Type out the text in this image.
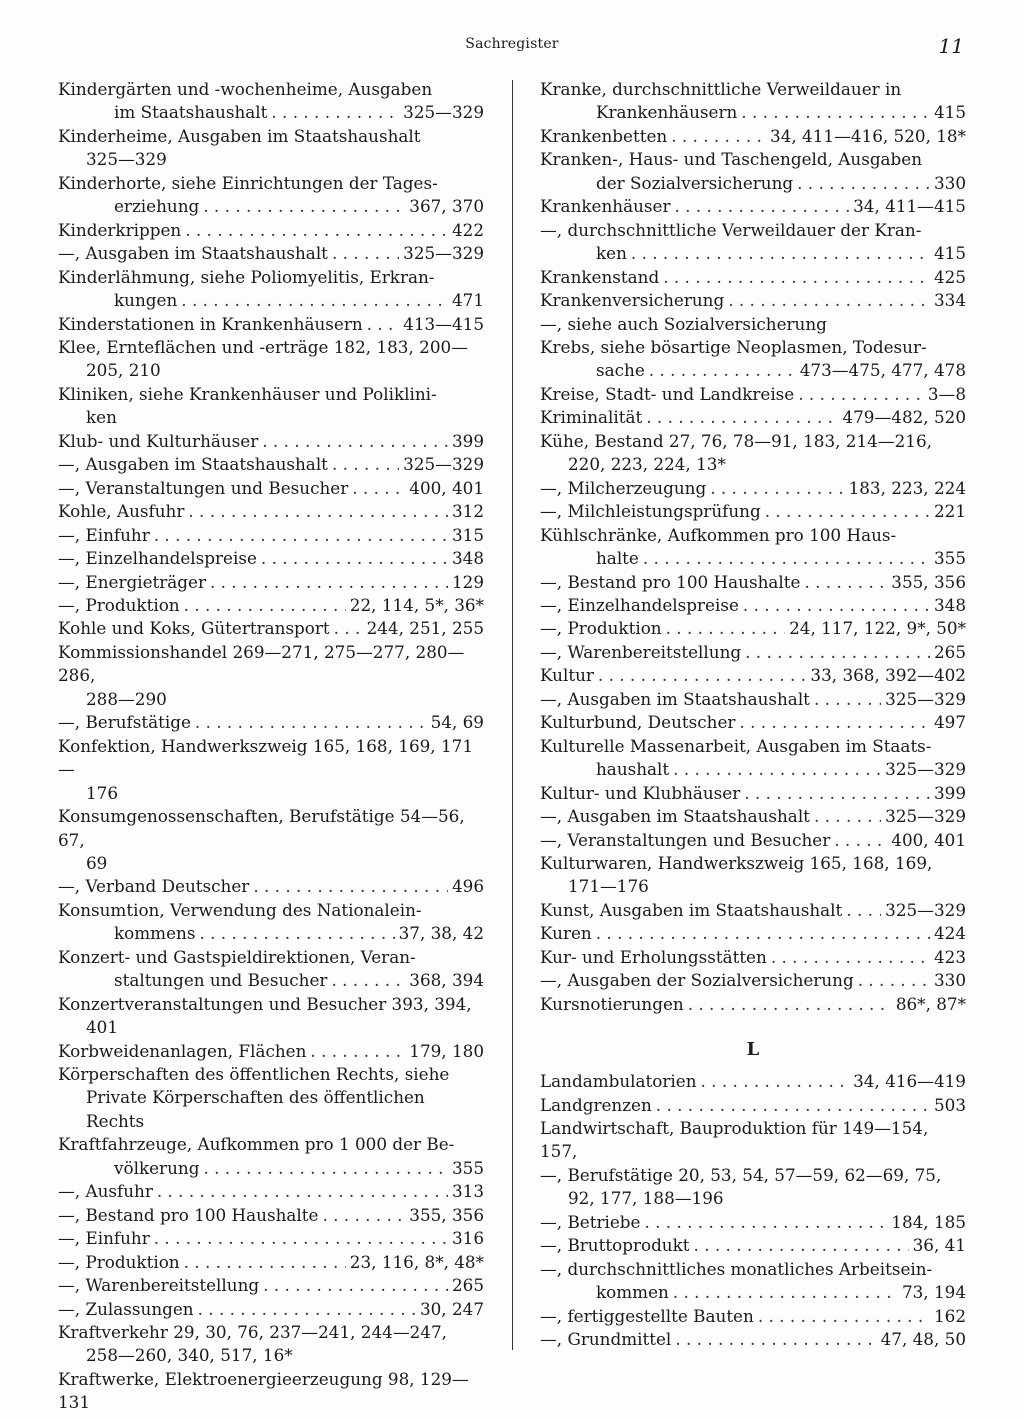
Sachregister	11
Kindergärten und -wochenheime, Ausgaben
im Staatshaushalt . . .	325—329
Kinderheime, Ausgaben im Staatshaushalt
325—329
Kinderhorte, siehe Einrichtungen der Tages-
erziehung . . .	367, 370
Kinderkrippen . . .	422
—, Ausgaben im Staatshaushalt . . .	325—329
Kinderlähmung, siehe Poliomyelitis, Erkran-
kungen . . .	471
Kinderstationen in Krankenhäusern . . . 413—415
Klee, Ernteflächen und -erträge 182, 183, 200—
205, 210
Kliniken, siehe Krankenhäuser und Poliklini-
ken
Klub- und Kulturhäuser . . .	399
—, Ausgaben im Staatshaushalt . . .	325—329
—, Veranstaltungen und Besucher . . .	400, 401
Kohle, Ausfuhr . . .	312
—, Einfuhr . . .	315
—, Einzelhandelspreise . . .	348
—, Energieträger . . .	129
—, Produktion . . .	22, 114, 5*, 36*
Kohle und Koks, Gütertransport . . . 244, 251, 255
Kommissionshandel 269—271, 275—277, 280—286,
288—290
—, Berufstätige . . .	54, 69
Konfektion, Handwerkszweig 165, 168, 169, 171—
176
Konsumgenossenschaften, Berufstätige 54—56, 67,
69
—, Verband Deutscher . . .	496
Konsumtion, Verwendung des Nationalein-
kommens . . .	37, 38, 42
Konzert- und Gastspieldirektionen, Veran-
staltungen und Besucher . . .	368, 394
Konzertveranstaltungen und Besucher 393, 394,
401
Korbweidenanlagen, Flächen . . .	179, 180
Körperschaften des öffentlichen Rechts, siehe
Private Körperschaften des öffentlichen
Rechts
Kraftfahrzeuge, Aufkommen pro 1 000 der Be-
völkerung . . .	355
—, Ausfuhr . . .	313
—, Bestand pro 100 Haushalte . . .	355, 356
—, Einfuhr . . .	316
—, Produktion . . .	23, 116, 8*, 48*
—, Warenbereitstellung . . .	265
—, Zulassungen . . .	30, 247
Kraftverkehr 29, 30, 76, 237—241, 244—247,
258—260, 340, 517, 16*
Kraftwerke, Elektroenergieerzeugung 98, 129—131
Kranke, durchschnittliche Verweildauer in
Krankenhäusern . . .	415
Krankenbetten . . .	34, 411—416, 520, 18*
Kranken-, Haus- und Taschengeld, Ausgaben
der Sozialversicherung . . .	330
Krankenhäuser . . .	34, 411—415
—, durchschnittliche Verweildauer der Kran-
ken . . .	415
Krankenstand . . .	425
Krankenversicherung . . .	334
—, siehe auch Sozialversicherung
Krebs, siehe bösartige Neoplasmen, Todesur-
sache . . .	473—475, 477, 478
Kreise, Stadt- und Landkreise . . .	3—8
Kriminalität . . .	479—482, 520
Kühe, Bestand 27, 76, 78—91, 183, 214—216,
220, 223, 224, 13*
—, Milcherzeugung . . .	183, 223, 224
—, Milchleistungsprüfung . . .	221
Kühlschränke, Aufkommen pro 100 Haus-
halte . . .	355
—, Bestand pro 100 Haushalte . . .	355, 356
—, Einzelhandelspreise . . .	348
—, Produktion . . .	24, 117, 122, 9*, 50*
—, Warenbereitstellung . . .	265
Kultur . . .	33, 368, 392—402
—, Ausgaben im Staatshaushalt . . .	325—329
Kulturbund, Deutscher . . .	497
Kulturelle Massenarbeit, Ausgaben im Staats-
haushalt . . .	325—329
Kultur- und Klubhäuser . . .	399
—, Ausgaben im Staatshaushalt . . .	325—329
—, Veranstaltungen und Besucher . . .	400, 401
Kulturwaren, Handwerkszweig 165, 168, 169,
171—176
Kunst, Ausgaben im Staatshaushalt . . .	325—329
Kuren . . .	424
Kur- und Erholungsstätten . . .	423
—, Ausgaben der Sozialversicherung . . .	330
Kursnotierungen . . .	86*, 87*
L
Landambulatorien . . .	34, 416—419
Landgrenzen . . .	503
Landwirtschaft, Bauproduktion für 149—154, 157,
—, Berufstätige 20, 53, 54, 57—59, 62—69, 75,
92, 177, 188—196
—, Betriebe . . .	184, 185
—, Bruttoprodukt . . .	36, 41
—, durchschnittliches monatliches Arbeitsein-
kommen . . .	73, 194
—, fertiggestellte Bauten . . .	162
—, Grundmittel . . .	47, 48, 50
